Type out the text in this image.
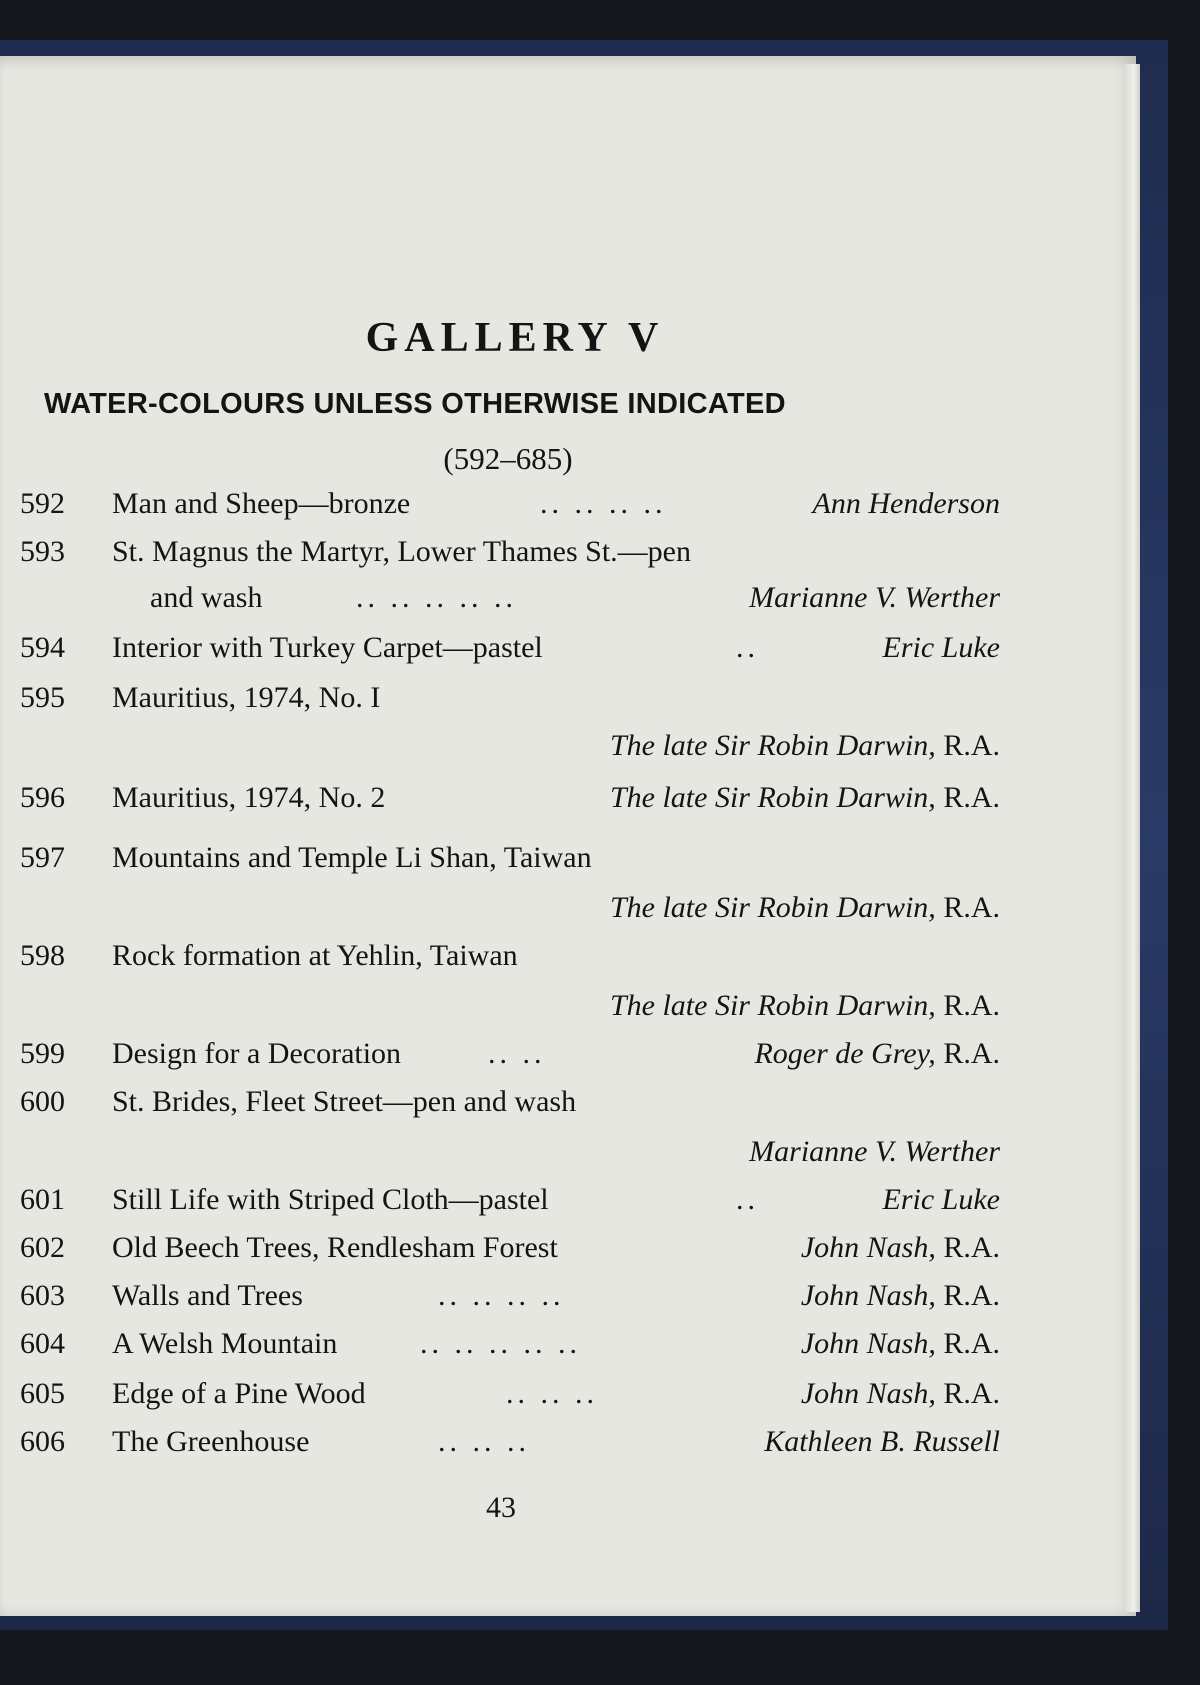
GALLERY V
WATER-COLOURS UNLESS OTHERWISE INDICATED
(592–685)
592 Man and Sheep—bronze	.. .. .. ..	Ann Henderson
593 St. Magnus the Martyr, Lower Thames St.—pen
and wash	.. .. .. .. ..	Marianne V. Werther
594 Interior with Turkey Carpet—pastel	..	Eric Luke
595 Mauritius, 1974, No. I
The late Sir Robin Darwin, R.A.
596 Mauritius, 1974, No. 2	The late Sir Robin Darwin, R.A.
597 Mountains and Temple Li Shan, Taiwan
The late Sir Robin Darwin, R.A.
598 Rock formation at Yehlin, Taiwan
The late Sir Robin Darwin, R.A.
599 Design for a Decoration	.. ..	Roger de Grey, R.A.
600 St. Brides, Fleet Street—pen and wash
Marianne V. Werther
601 Still Life with Striped Cloth—pastel	..	Eric Luke
602 Old Beech Trees, Rendlesham Forest	John Nash, R.A.
603 Walls and Trees	.. .. .. ..	John Nash, R.A.
604 A Welsh Mountain	.. .. .. .. ..	John Nash, R.A.
605 Edge of a Pine Wood	.. .. ..	John Nash, R.A.
606 The Greenhouse	.. .. ..	Kathleen B. Russell
43
